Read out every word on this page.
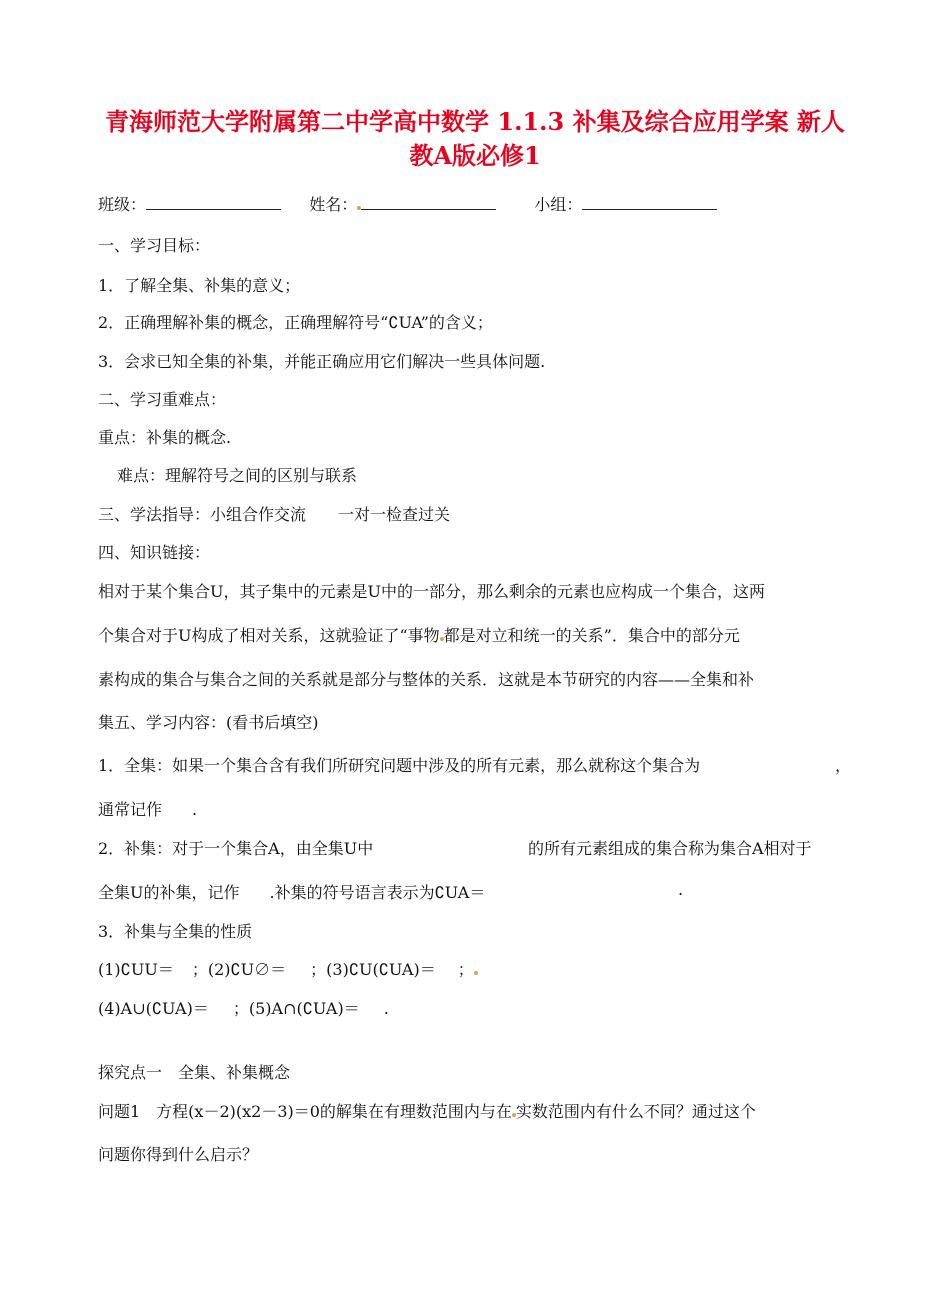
青海师范大学附属第二中学高中数学 1.1.3 补集及综合应用学案 新人
教A版必修1
班级：	姓名：	小组：
一、学习目标：
1．了解全集、补集的意义；
2．正确理解补集的概念，正确理解符号“∁UA”的含义；
3．会求已知全集的补集，并能正确应用它们解决一些具体问题.
二、学习重难点：
重点：补集的概念.
难点：理解符号之间的区别与联系
三、学法指导：小组合作交流　　一对一检查过关
四、知识链接：
相对于某个集合U，其子集中的元素是U中的一部分，那么剩余的元素也应构成一个集合，这两
个集合对于U构成了相对关系，这就验证了“事物 都是对立和统一的关系”．集合中的部分元
素构成的集合与集合之间的关系就是部分与整体的关系．这就是本节研究的内容——全集和补
集五、学习内容：(看书后填空)
1．全集：如果一个集合含有我们所研究问题中涉及的所有元素，那么就称这个集合为	，
通常记作 .
2．补集：对于一个集合A，由全集U中	的所有元素组成的集合称为集合A相对于
全集U的补集，记作 .补集的符号语言表示为∁UA＝	.
3．补集与全集的性质
(1)∁UU＝ ；(2)∁U∅＝ ；(3)∁U(∁UA)＝ ；
(4)A∪(∁UA)＝ ；(5)A∩(∁UA)＝ .
探究点一　全集、补集概念
问题1　方程(x－2)(x2－3)＝0的解集在有理数范围内与在 实数范围内有什么不同？通过这个
问题你得到什么启示？
